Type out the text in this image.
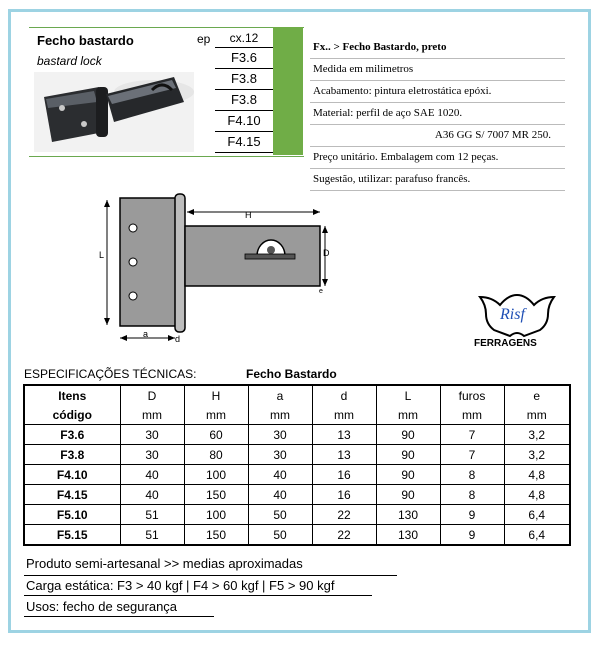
Fecho bastardo	ep
bastard lock
cx.12
F3.6
F3.8
F3.8
F4.10
F4.15
Fx.. > Fecho Bastardo, preto
Medida em milimetros
Acabamento: pintura eletrostática epóxi.
Material: perfil de aço SAE 1020.
A36 GG S/ 7007 MR 250.
Preço unitário. Embalagem com 12 peças.
Sugestão, utilizar: parafuso francês.
L
H
D
e
a	d
Risf
FERRAGENS
ESPECIFICAÇÕES TÉCNICAS:	Fecho Bastardo
Itens	D	H	a	d	L	furos	e
código	mm	mm	mm	mm	mm	mm	mm
F3.6	30	60	30	13	90	7	3,2
F3.8	30	80	30	13	90	7	3,2
F4.10	40	100	40	16	90	8	4,8
F4.15	40	150	40	16	90	8	4,8
F5.10	51	100	50	22	130	9	6,4
F5.15	51	150	50	22	130	9	6,4
Produto semi-artesanal >> medias aproximadas
Carga estática: F3 > 40 kgf | F4 > 60 kgf | F5 > 90 kgf
Usos: fecho de segurança
